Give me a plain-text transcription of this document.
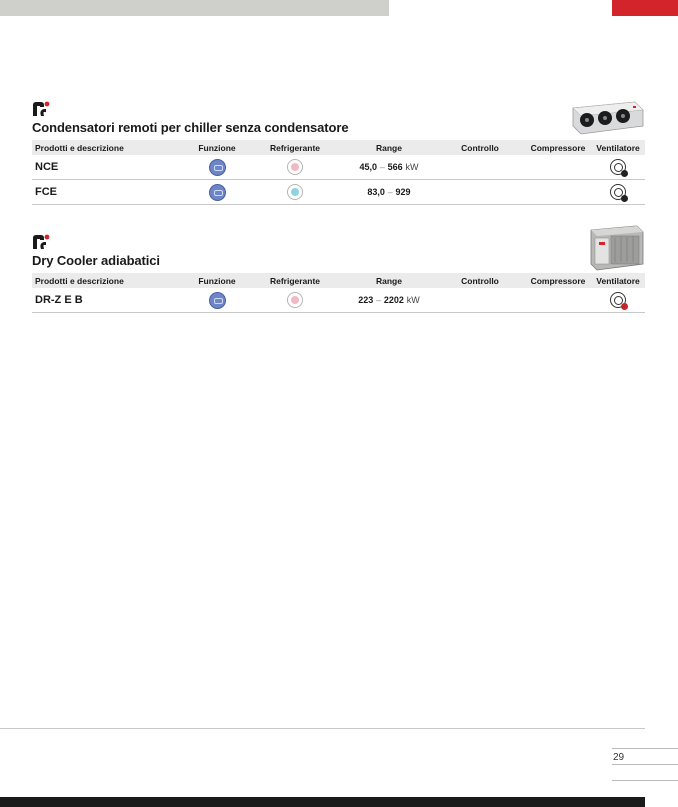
Condensatori remoti per chiller senza condensatore
Prodotti e descrizione	Funzione	Refrigerante	Range	Controllo	Compressore	Ventilatore
NCE			45,0 – 566 kW			

FCE			83,0 – 929			
Dry Cooler adiabatici
Prodotti e descrizione	Funzione	Refrigerante	Range	Controllo	Compressore	Ventilatore
DR-Z E B			223 – 2202 kW			
29
